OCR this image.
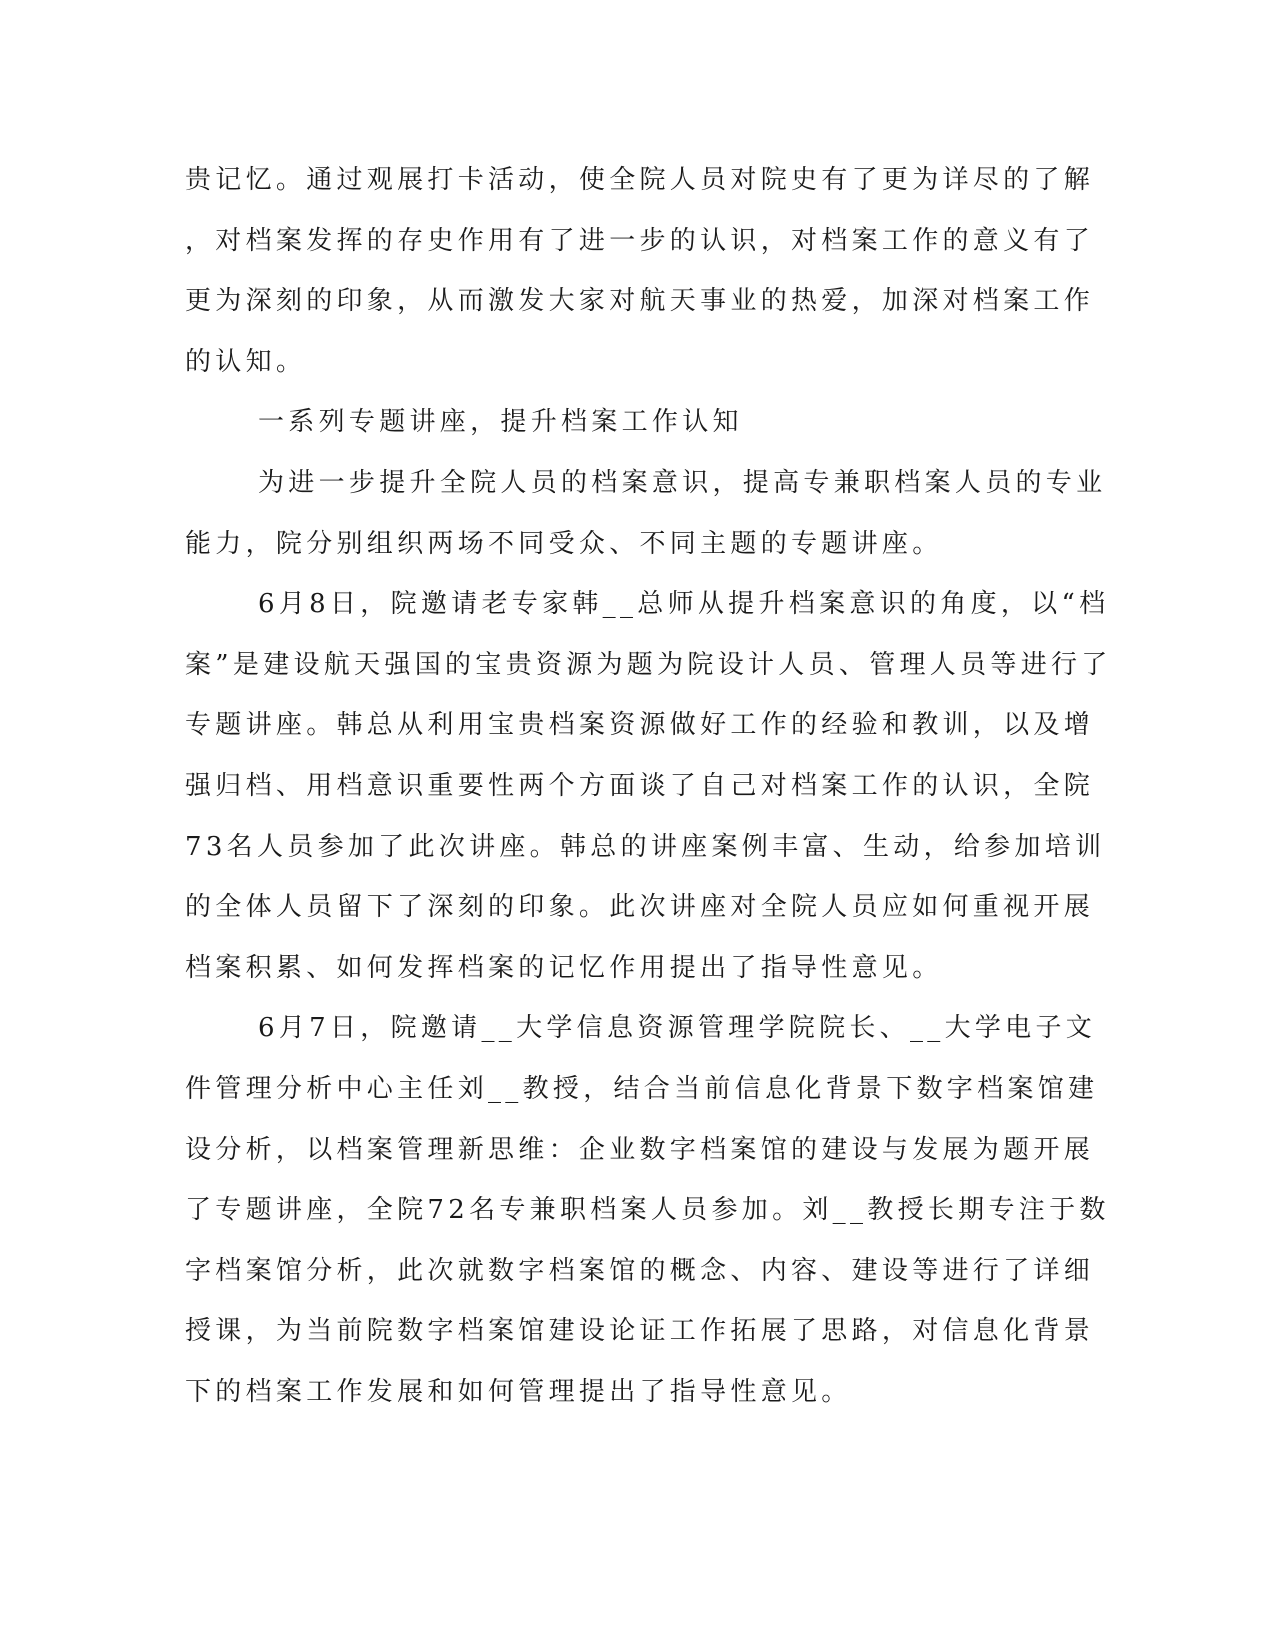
贵记忆。通过观展打卡活动，使全院人员对院史有了更为详尽的了解
，对档案发挥的存史作用有了进一步的认识，对档案工作的意义有了
更为深刻的印象，从而激发大家对航天事业的热爱，加深对档案工作
的认知。
一系列专题讲座，提升档案工作认知
为进一步提升全院人员的档案意识，提高专兼职档案人员的专业
能力，院分别组织两场不同受众、不同主题的专题讲座。
6月8日，院邀请老专家韩__总师从提升档案意识的角度，以“档
案”是建设航天强国的宝贵资源为题为院设计人员、管理人员等进行了
专题讲座。韩总从利用宝贵档案资源做好工作的经验和教训，以及增
强归档、用档意识重要性两个方面谈了自己对档案工作的认识，全院
73名人员参加了此次讲座。韩总的讲座案例丰富、生动，给参加培训
的全体人员留下了深刻的印象。此次讲座对全院人员应如何重视开展
档案积累、如何发挥档案的记忆作用提出了指导性意见。
6月7日，院邀请__大学信息资源管理学院院长、__大学电子文
件管理分析中心主任刘__教授，结合当前信息化背景下数字档案馆建
设分析，以档案管理新思维：企业数字档案馆的建设与发展为题开展
了专题讲座，全院72名专兼职档案人员参加。刘__教授长期专注于数
字档案馆分析，此次就数字档案馆的概念、内容、建设等进行了详细
授课，为当前院数字档案馆建设论证工作拓展了思路，对信息化背景
下的档案工作发展和如何管理提出了指导性意见。
